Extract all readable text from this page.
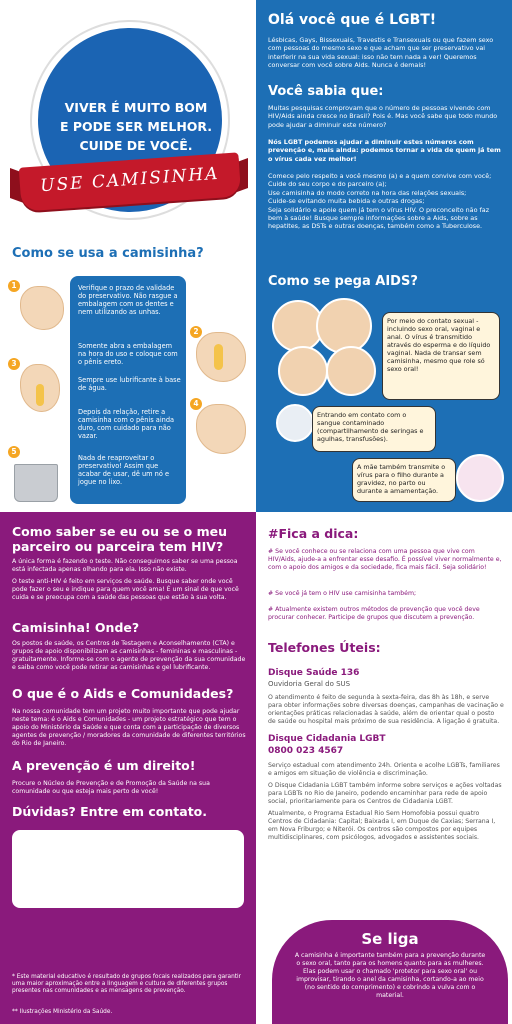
VIVER É MUITO BOM
E PODE SER MELHOR.
CUIDE DE VOCÊ.
USE CAMISINHA
Como se usa a camisinha?
1
3
5
Verifique o prazo de validade do preservativo. Não rasgue a embalagem com os dentes e nem utilizando as unhas.
Somente abra a embalagem na hora do uso e coloque com o pênis ereto.
Sempre use lubrificante à base de água.
Depois da relação, retire a camisinha com o pênis ainda duro, com cuidado para não vazar.
Nada de reaproveitar o preservativo! Assim que acabar de usar, dê um nó e jogue no lixo.
2
4
Olá você que é LGBT!
Lésbicas, Gays, Bissexuais, Travestis e Transexuais ou que fazem sexo com pessoas do mesmo sexo e que acham que ser preservativo vai interferir na sua vida sexual: isso não tem nada a ver! Queremos conversar com você sobre Aids. Nunca é demais!
Você sabia que:
Muitas pesquisas comprovam que o número de pessoas vivendo com HIV/Aids ainda cresce no Brasil? Pois é. Mas você sabe que todo mundo pode ajudar a diminuir este número?
Nós LGBT podemos ajudar a diminuir estes números com prevenção e, mais ainda: podemos tornar a vida de quem já tem o vírus cada vez melhor!
Comece pelo respeito a você mesmo (a) e a quem convive com você;
Cuide do seu corpo e do parceiro (a);
Use camisinha do modo correto na hora das relações sexuais;
Cuide-se evitando muita bebida e outras drogas;
Seja solidário e apoie quem já tem o vírus HIV. O preconceito não faz bem à saúde! Busque sempre informações sobre a Aids, sobre as hepatites, as DSTs e outras doenças, também como a Tuberculose.
Como se pega AIDS?
Por meio do contato sexual - incluindo sexo oral, vaginal e anal. O vírus é transmitido através do esperma e do líquido vaginal. Nada de transar sem camisinha, mesmo que role só sexo oral!
Entrando em contato com o sangue contaminado (compartilhamento de seringas e agulhas, transfusões).
A mãe também transmite o vírus para o filho durante a gravidez, no parto ou durante a amamentação.
Como saber se eu ou se o meu parceiro ou parceira tem HIV?
A única forma é fazendo o teste. Não conseguimos saber se uma pessoa está infectada apenas olhando para ela. Isso não existe.
O teste anti-HIV é feito em serviços de saúde. Busque saber onde você pode fazer o seu e indique para quem você ama! É um sinal de que você cuida e se preocupa com a saúde das pessoas que estão à sua volta.
Camisinha! Onde?
Os postos de saúde, os Centros de Testagem e Aconselhamento (CTA) e grupos de apoio disponibilizam as camisinhas - femininas e masculinas - gratuitamente. Informe-se com o agente de prevenção da sua comunidade e saiba como você pode retirar as camisinhas e gel lubrificante.
O que é o Aids e Comunidades?
Na nossa comunidade tem um projeto muito importante que pode ajudar neste tema: é o Aids e Comunidades - um projeto estratégico que tem o apoio do Ministério da Saúde e que conta com a participação de diversos agentes de prevenção / moradores da comunidade de diferentes territórios do Rio de Janeiro.
A prevenção é um direito!
Procure o Núcleo de Prevenção e de Promoção da Saúde na sua comunidade ou que esteja mais perto de você!
Dúvidas? Entre em contato.
* Este material educativo é resultado de grupos focais realizados para garantir uma maior aproximação entre a linguagem e cultura de diferentes grupos presentes nas comunidades e as mensagens de prevenção.
** Ilustrações Ministério da Saúde.
#Fica a dica:
# Se você conhece ou se relaciona com uma pessoa que vive com HIV/Aids, ajude-a a enfrentar esse desafio. É possível viver normalmente e, com o apoio dos amigos e da sociedade, fica mais fácil. Seja solidário!
# Se você já tem o HIV use camisinha também;
# Atualmente existem outros métodos de prevenção que você deve procurar conhecer. Participe de grupos que discutem a prevenção.
Telefones Úteis:
Disque Saúde 136
Ouvidoria Geral do SUS
O atendimento é feito de segunda à sexta-feira, das 8h às 18h, e serve para obter informações sobre diversas doenças, campanhas de vacinação e orientações práticas relacionadas à saúde, além de orientar qual o posto de saúde ou hospital mais próximo de sua residência. A ligação é gratuita.
Disque Cidadania LGBT
0800 023 4567
Serviço estadual com atendimento 24h. Orienta e acolhe LGBTs, familiares e amigos em situação de violência e discriminação.
O Disque Cidadania LGBT também informe sobre serviços e ações voltadas para LGBTs no Rio de Janeiro, podendo encaminhar para rede de apoio social, prioritariamente para os Centros de Cidadania LGBT.
Atualmente, o Programa Estadual Rio Sem Homofobia possui quatro Centros de Cidadania: Capital; Baixada I, em Duque de Caxias; Serrana I, em Nova Friburgo; e Niterói. Os centros são compostos por equipes multidisciplinares, com psicólogos, advogados e assistentes sociais.
Se liga
A camisinha é importante também para a prevenção durante o sexo oral, tanto para os homens quanto para as mulheres. Elas podem usar o chamado 'protetor para sexo oral' ou improvisar, tirando o anel da camisinha, cortando-a ao meio (no sentido do comprimento) e cobrindo a vulva com o material.
